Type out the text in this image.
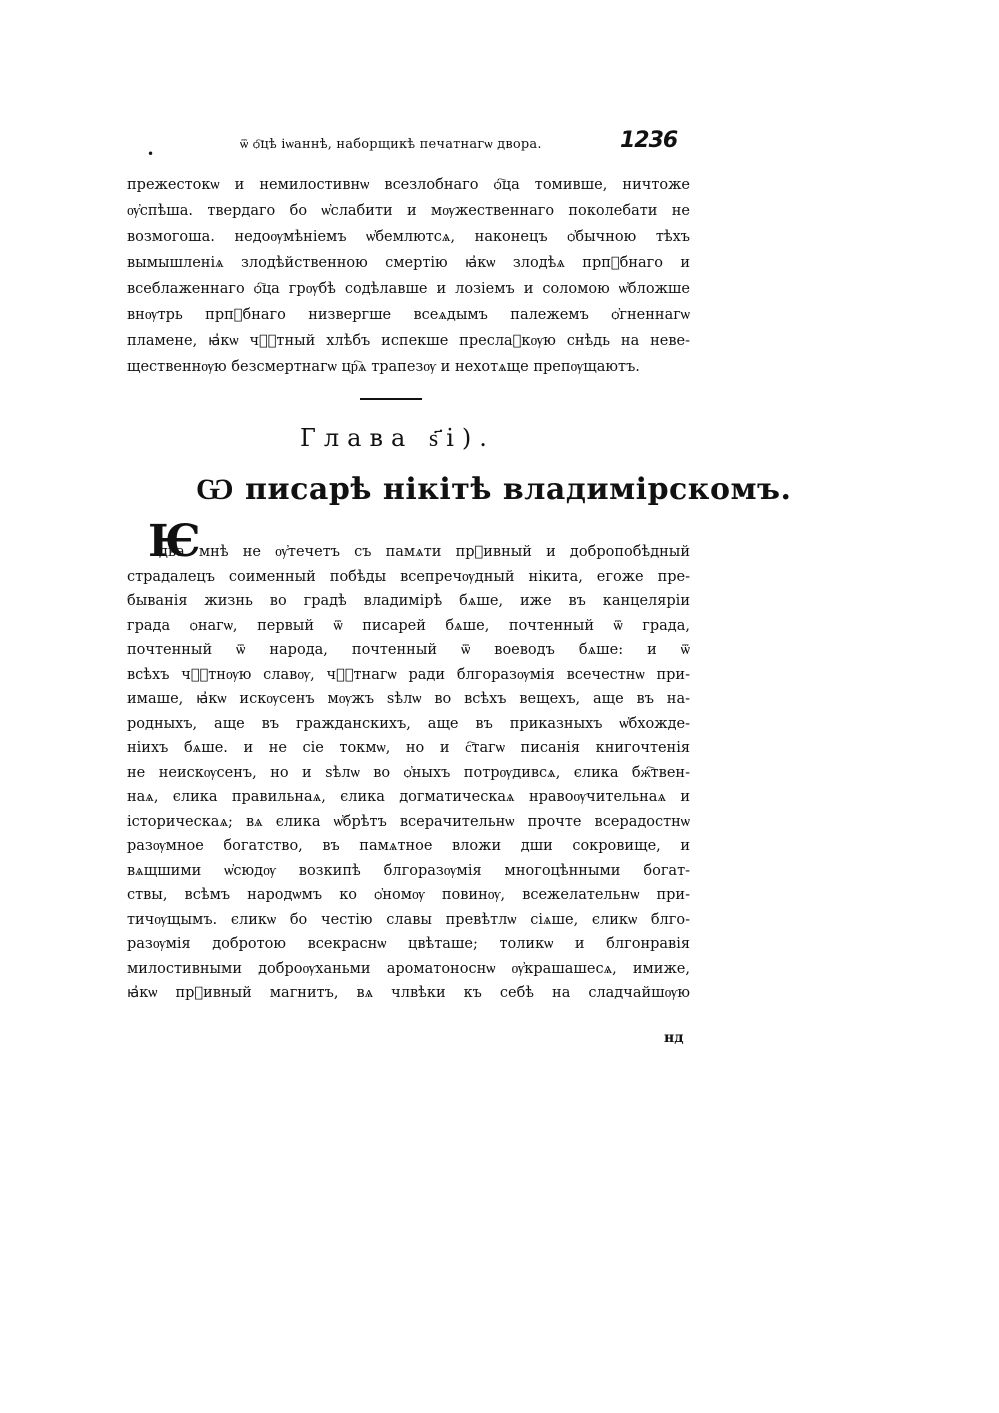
•
ѿ ѻ҇цѣ іѡаннѣ, наборщикѣ печатнагѡ двора.	1236
прежестокѡ и немилостивнѡ всезлобнаго ѻ҇ца томивше, ничтоже
ѹ҆спѣша. твердаго бо ѡ҆слабити и мѹжественнаго поколебати не
возмогоша. недоѹмѣніемъ ѡ҆бемлютсѧ, наконецъ ѻ҆бычною тѣхъ
вымышленіѧ злодѣйственною смертію ꙗ҆кѡ злодѣѧ прпⷣбнаго и
всеблаженнаго ѻ҇ца грѹбѣ содѣлавше и лозіемъ и соломою ѡ҆бложше
внѹтрь прпⷣбнаго низвергше всеѧдымъ палежемъ ѻ҆гненнагѡ
пламене, ꙗ҆кѡ чⷭ҇тный хлѣбъ испекше преслаꙁкѹю снѣдь на неве-
щественнѹю безсмертнагѡ цр҇ѧ трапезѹ и нехотѧще препѹщаютъ.
Глава ѕ҃і).
Ѡ писарѣ нікітѣ владимірскомъ.
Ѥ
два мнѣ не ѹ҆течетъ съ памѧти прⷣивный и добропобѣдный
страдалецъ соименный побѣды всепречѹдный нікита, егоже пре-
быванія жизнь во градѣ владимірѣ бѧше, иже въ канцеляріи
града ѻнагѡ, первый ѿ писарей бѧше, почтенный ѿ града,
почтенный ѿ народа, почтенный ѿ воеводъ бѧше: и ѿ
всѣхъ чⷭ҇тнѹю славѹ, чⷭ҇тнагѡ ради блгоразѹмія всечестнѡ при-
имаше, ꙗ҆кѡ искѹсенъ мѹжъ ѕѣлѡ во всѣхъ вещехъ, аще въ на-
родныхъ, аще въ гражданскихъ, аще въ приказныхъ ѡ҆бхожде-
ніихъ бѧше. и не сіе токмѡ, но и с҇тагѡ писанія книгочтенія
не неискѹсенъ, но и ѕѣлѡ во ѻ҆ныхъ потрѹдивсѧ, єлика бж҇твен-
наѧ, єлика правильнаѧ, єлика догматическаѧ нравоѹчительнаѧ и
історическаѧ; вѧ єлика ѡ҆брѣтъ всерачительнѡ прочте всерадостнѡ
разѹмное богатство, въ памѧтное вложи дши сокровище, и
вѧщшими ѡ҆сюдѹ возкипѣ блгоразѹмія многоцѣнными богат-
ствы, всѣмъ народѡмъ ко ѻ҆номѹ повинѹ, всежелательнѡ при-
тичѹщымъ. єликѡ бо честію славы превѣтлѡ сіѧше, єликѡ блго-
разѹмія добротою всекраснѡ цвѣташе; толикѡ и блгонравія
милостивными доброѹханьми ароматоноснѡ ѹ҆крашашесѧ, имиже,
ꙗ҆кѡ прⷣивный магнитъ, вѧ члвѣки къ себѣ на сладчайшѹю
нд
